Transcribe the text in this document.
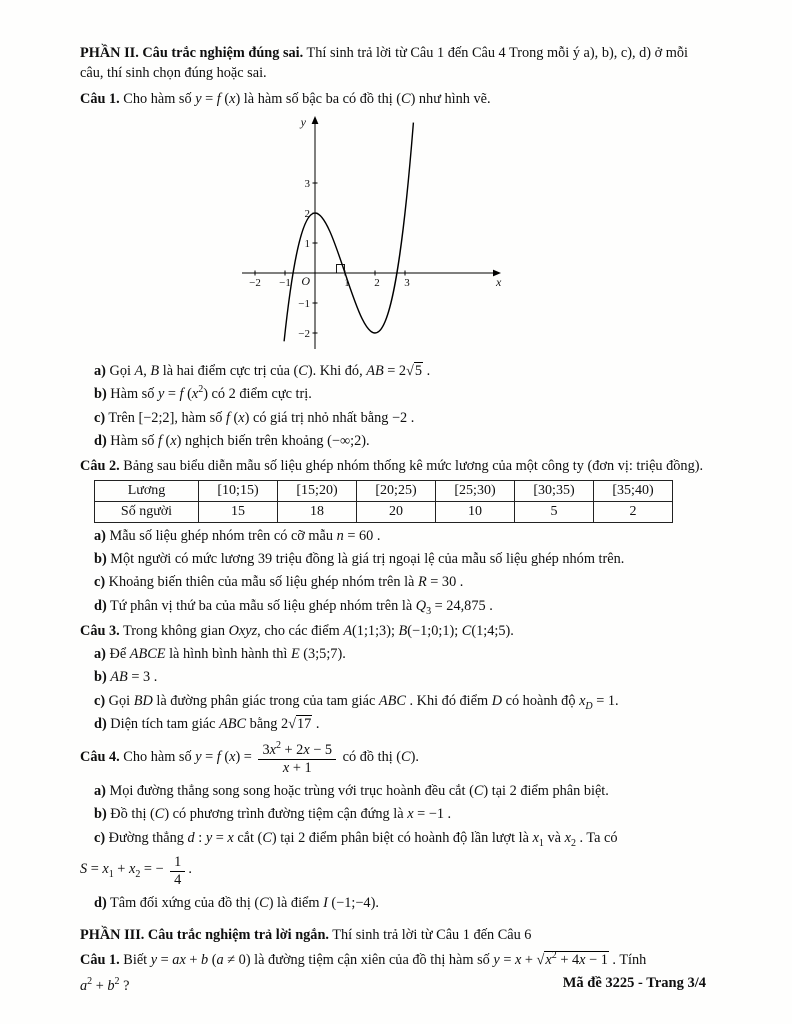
PHẦN II. Câu trắc nghiệm đúng sai. Thí sinh trả lời từ Câu 1 đến Câu 4 Trong mỗi ý a), b), c), d) ở mỗi câu, thí sinh chọn đúng hoặc sai.

Câu 1. Cho hàm số y = f (x) là hàm số bậc ba có đồ thị (C) như hình vẽ.

y
x
O
−2 −1	1 2 3
3
2
1
−1
−2

a) Gọi A, B là hai điểm cực trị của (C). Khi đó, AB = 2√5 .

b) Hàm số y = f $(x^2)$ có 2 điểm cực trị.

c) Trên [−2;2], hàm số f (x) có giá trị nhỏ nhất bằng −2 .

d) Hàm số f (x) nghịch biến trên khoảng (−∞;2).

Câu 2. Bảng sau biểu diễn mẫu số liệu ghép nhóm thống kê mức lương của một công ty (đơn vị: triệu đồng).

Lương	[10;15)	[15;20)	[20;25)	[25;30)	[30;35)	[35;40)
Số người	15	18	20	10	5	2

a) Mẫu số liệu ghép nhóm trên có cỡ mẫu n = 60 .

b) Một người có mức lương 39 triệu đồng là giá trị ngoại lệ của mẫu số liệu ghép nhóm trên.

c) Khoảng biến thiên của mẫu số liệu ghép nhóm trên là R = 30 .

d) Tứ phân vị thứ ba của mẫu số liệu ghép nhóm trên là $Q_3 = 24,875$ .

Câu 3. Trong không gian Oxyz, cho các điểm A(1;1;3); B(−1;0;1); C(1;4;5).

a) Để ABCE là hình bình hành thì E (3;5;7).

b) AB = 3 .

c) Gọi BD là đường phân giác trong của tam giác ABC . Khi đó điểm D có hoành độ $x_D = 1$.

d) Diện tích tam giác ABC bằng 2√17 .

Câu 4. Cho hàm số y = f $(x) = \frac{3x^2 + 2x - 5}{x + 1}$ có đồ thị (C).

a) Mọi đường thẳng song song hoặc trùng với trục hoành đều cắt (C) tại 2 điểm phân biệt.

b) Đồ thị (C) có phương trình đường tiệm cận đứng là x = −1 .

c) Đường thẳng d : y = x cắt (C) tại 2 điểm phân biệt có hoành độ lần lượt là $x_1$ và $x_2$ . Ta có

$S = x_1 + x_2$ = − $\frac{1}{4}$ .

d) Tâm đối xứng của đồ thị (C) là điểm I (−1;−4).

PHẦN III. Câu trắc nghiệm trả lời ngắn. Thí sinh trả lời từ Câu 1 đến Câu 6

Câu 1. Biết y = ax + b (a ≠ 0) là đường tiệm cận xiên của đồ thị hàm số $y = x + √x^2 + 4x - 1$ . Tính

$a^2 + b^2$ ?	Mã đề 3225 - Trang 3/4
